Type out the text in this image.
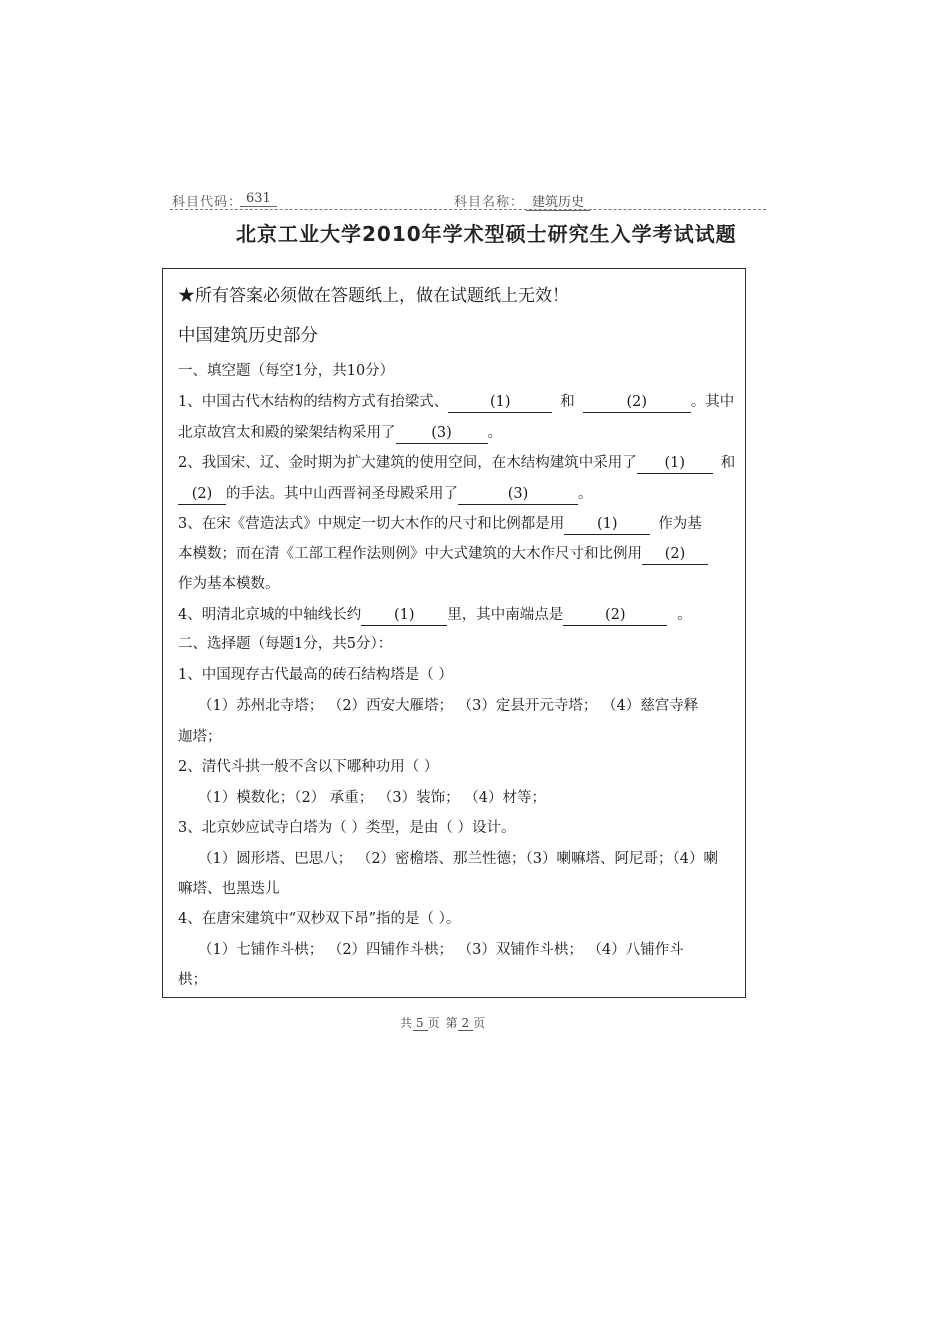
科目代码： 631	科目名称： 建筑历史
北京工业大学2010年学术型硕士研究生入学考试试题
★所有答案必须做在答题纸上，做在试题纸上无效！
中国建筑历史部分
一、填空题（每空1分，共10分）
1、中国古代木结构的结构方式有抬梁式、	(1)	和	(2)	。其中
北京故宫太和殿的梁架结构采用了 (3) 。
2、我国宋、辽、金时期为扩大建筑的使用空间，在木结构建筑中采用了 (1) 和
(2) 的手法。其中山西晋祠圣母殿采用了	(3)	。
3、在宋《营造法式》中规定一切大木作的尺寸和比例都是用 (1)	作为基
本模数；而在清《工部工程作法则例》中大式建筑的大木作尺寸和比例用 (2)
作为基本模数。
4、明清北京城的中轴线长约 (1) 里，其中南端点是	(2)	。
二、选择题（每题1分，共5分）：
1、中国现存古代最高的砖石结构塔是（ ）
（1）苏州北寺塔； （2）西安大雁塔； （3）定县开元寺塔； （4）慈宫寺释
迦塔；
2、清代斗拱一般不含以下哪种功用（ ）
（1）模数化；（2） 承重； （3）装饰； （4）材等；
3、北京妙应试寺白塔为（ ）类型，是由（ ）设计。
（1）圆形塔、巴思八； （2）密檐塔、那兰性德；（3）喇嘛塔、阿尼哥；（4）喇
嘛塔、也黑迭儿
4、在唐宋建筑中“双杪双下昂”指的是（ ）。
（1）七铺作斗栱； （2）四铺作斗栱； （3）双铺作斗栱； （4）八铺作斗
栱；
共 5 页 第 2 页
